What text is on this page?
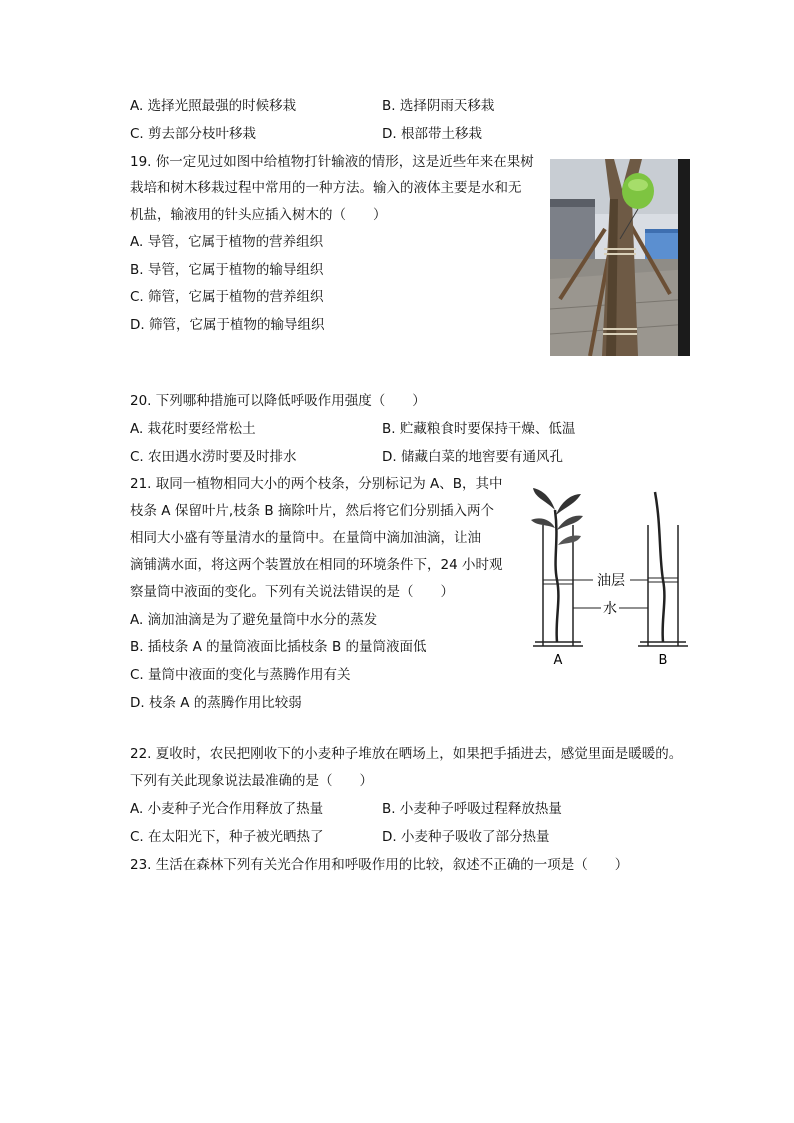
A. 选择光照最强的时候移栽	B. 选择阴雨天移栽
C. 剪去部分枝叶移栽	D. 根部带土移栽
19. 你一定见过如图中给植物打针输液的情形，这是近些年来在果树
栽培和树木移栽过程中常用的一种方法。输入的液体主要是水和无
机盐，输液用的针头应插入树木的（　　）
A. 导管，它属于植物的营养组织
B. 导管，它属于植物的输导组织
C. 筛管，它属于植物的营养组织
D. 筛管，它属于植物的输导组织
20. 下列哪种措施可以降低呼吸作用强度（　　）
A. 栽花时要经常松土	B. 贮藏粮食时要保持干燥、低温
C. 农田遇水涝时要及时排水	D. 储藏白菜的地窖要有通风孔
21. 取同一植物相同大小的两个枝条，分别标记为 A、B，其中
枝条 A 保留叶片,枝条 B 摘除叶片，然后将它们分别插入两个
相同大小盛有等量清水的量筒中。在量筒中滴加油滴，让油
滴铺满水面，将这两个装置放在相同的环境条件下，24 小时观
察量筒中液面的变化。下列有关说法错误的是（　　）
A. 滴加油滴是为了避免量筒中水分的蒸发
B. 插枝条 A 的量筒液面比插枝条 B 的量筒液面低
C. 量筒中液面的变化与蒸腾作用有关
D. 枝条 A 的蒸腾作用比较弱
油层
水
A	B
22. 夏收时，农民把刚收下的小麦种子堆放在晒场上，如果把手插进去，感觉里面是暖暖的。
下列有关此现象说法最准确的是（　　）
A. 小麦种子光合作用释放了热量	B. 小麦种子呼吸过程释放热量
C. 在太阳光下，种子被光晒热了	D. 小麦种子吸收了部分热量
23. 生活在森林下列有关光合作用和呼吸作用的比较，叙述不正确的一项是（　　）
